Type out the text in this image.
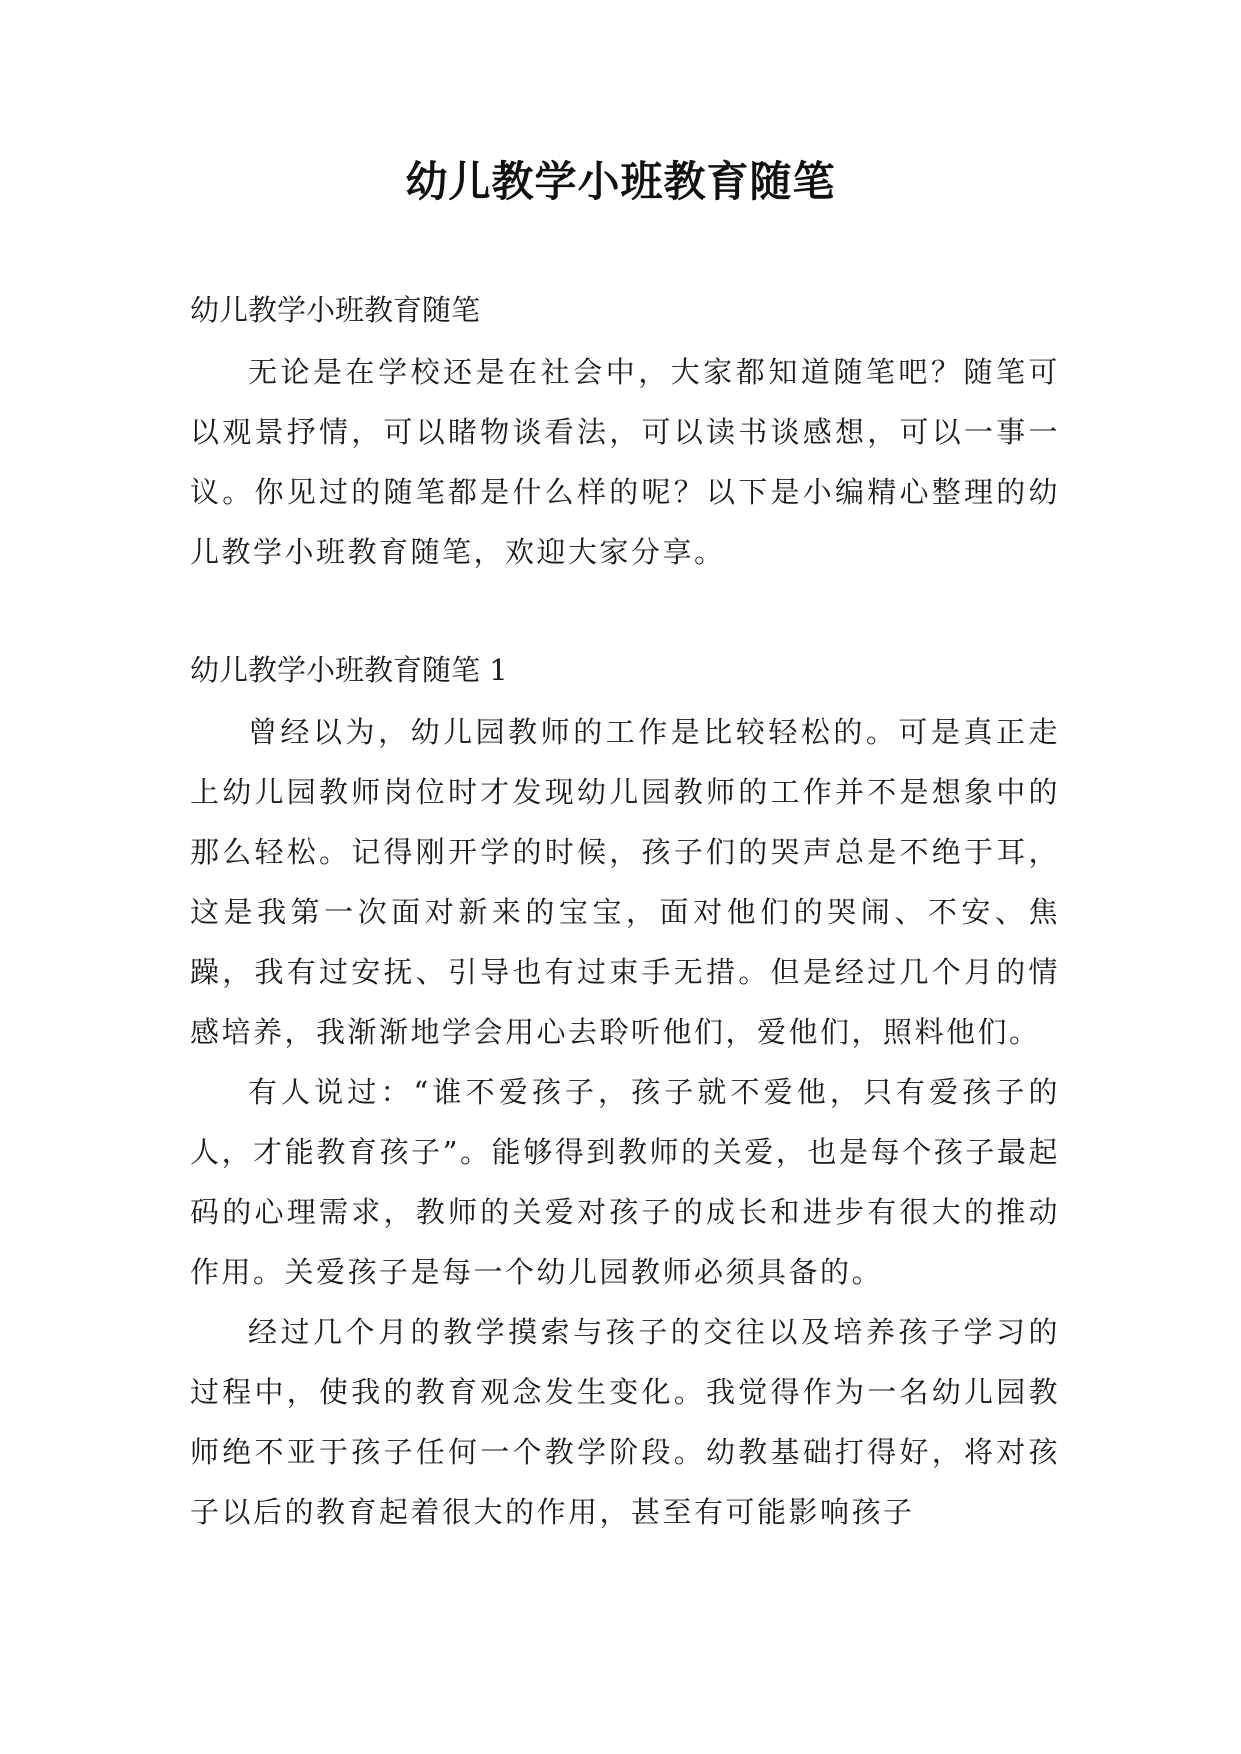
幼儿教学小班教育随笔

幼儿教学小班教育随笔

无论是在学校还是在社会中，大家都知道随笔吧？随笔可以观景抒情，可以睹物谈看法，可以读书谈感想，可以一事一议。你见过的随笔都是什么样的呢？以下是小编精心整理的幼儿教学小班教育随笔，欢迎大家分享。

幼儿教学小班教育随笔 1

曾经以为，幼儿园教师的工作是比较轻松的。可是真正走上幼儿园教师岗位时才发现幼儿园教师的工作并不是想象中的那么轻松。记得刚开学的时候，孩子们的哭声总是不绝于耳，这是我第一次面对新来的宝宝，面对他们的哭闹、不安、焦躁，我有过安抚、引导也有过束手无措。但是经过几个月的情感培养，我渐渐地学会用心去聆听他们，爱他们，照料他们。

有人说过：“谁不爱孩子，孩子就不爱他，只有爱孩子的人，才能教育孩子”。能够得到教师的关爱，也是每个孩子最起码的心理需求，教师的关爱对孩子的成长和进步有很大的推动作用。关爱孩子是每一个幼儿园教师必须具备的。

经过几个月的教学摸索与孩子的交往以及培养孩子学习的过程中，使我的教育观念发生变化。我觉得作为一名幼儿园教师绝不亚于孩子任何一个教学阶段。幼教基础打得好，将对孩子以后的教育起着很大的作用，甚至有可能影响孩子
